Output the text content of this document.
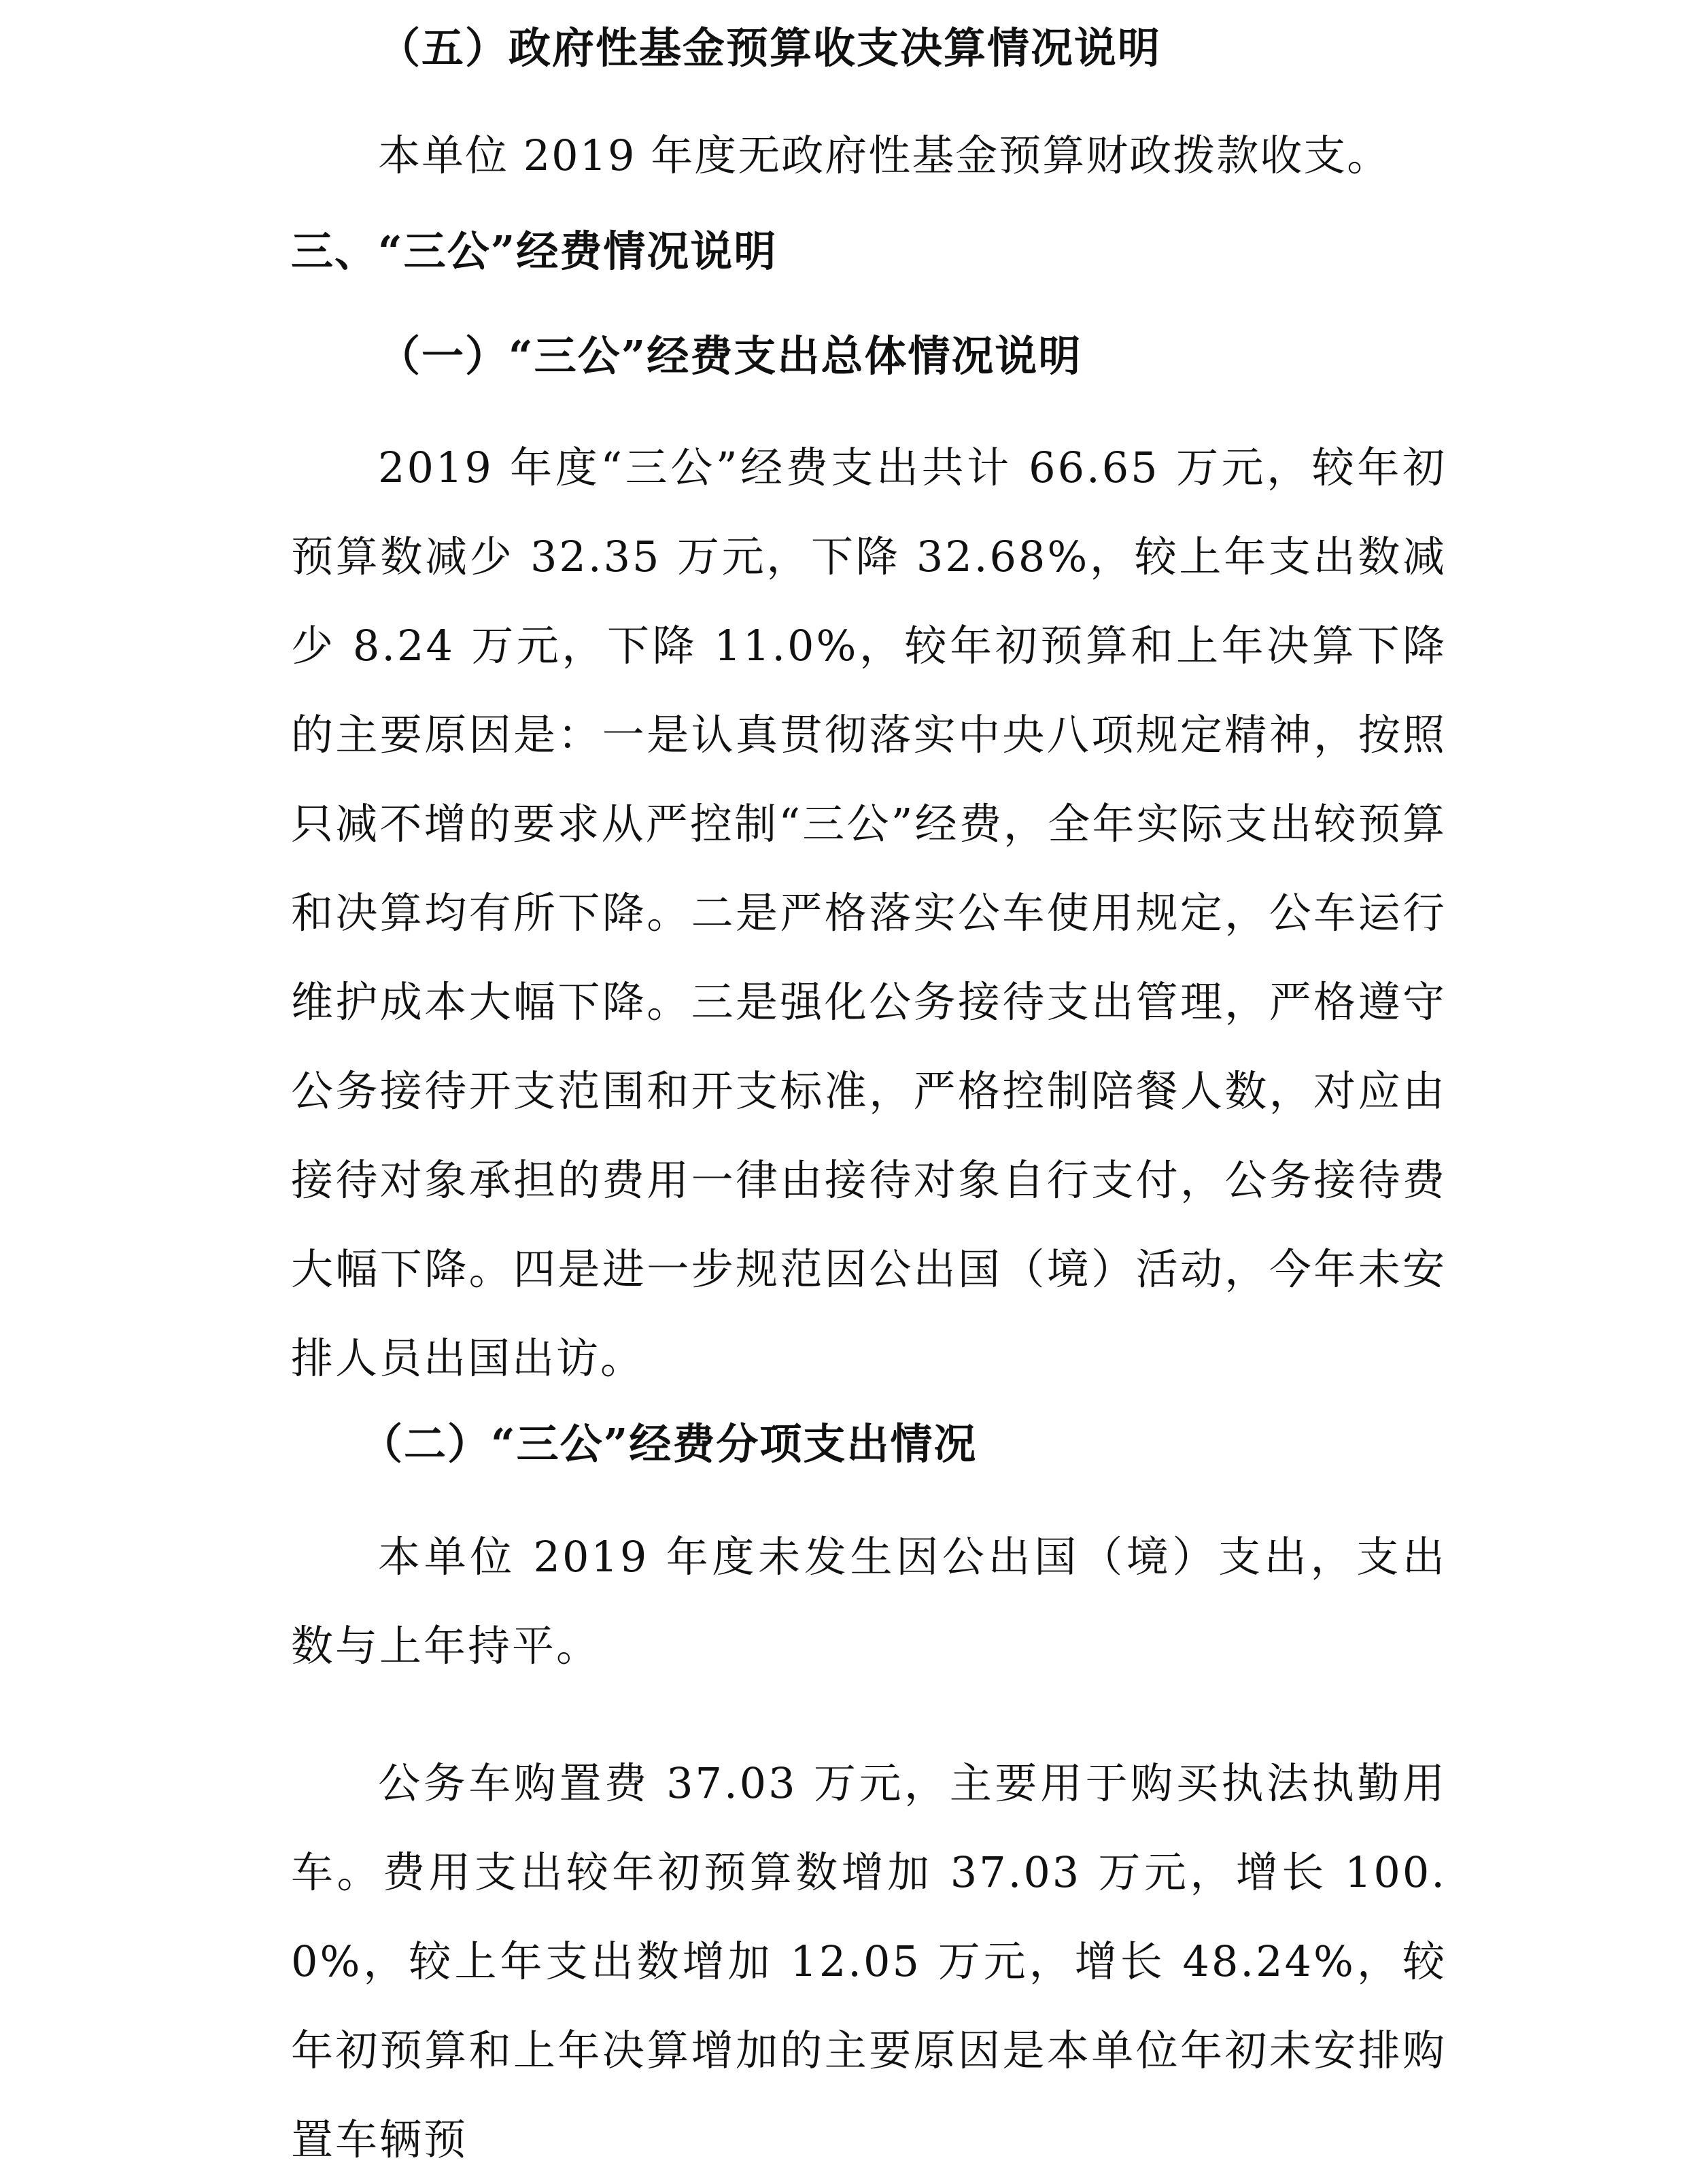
（五）政府性基金预算收支决算情况说明
本单位 2019 年度无政府性基金预算财政拨款收支。
三、“三公”经费情况说明
（一）“三公”经费支出总体情况说明
2019 年度“三公”经费支出共计 66.65 万元，较年初预算数减少 32.35 万元，下降 32.68%，较上年支出数减少 8.24 万元，下降 11.0%，较年初预算和上年决算下降的主要原因是：一是认真贯彻落实中央八项规定精神，按照只减不增的要求从严控制“三公”经费，全年实际支出较预算和决算均有所下降。二是严格落实公车使用规定，公车运行维护成本大幅下降。三是强化公务接待支出管理，严格遵守公务接待开支范围和开支标准，严格控制陪餐人数，对应由接待对象承担的费用一律由接待对象自行支付，公务接待费大幅下降。四是进一步规范因公出国（境）活动，今年未安排人员出国出访。
（二）“三公”经费分项支出情况
本单位 2019 年度未发生因公出国（境）支出，支出数与上年持平。
公务车购置费 37.03 万元，主要用于购买执法执勤用车。费用支出较年初预算数增加 37.03 万元，增长 100.0%，较上年支出数增加 12.05 万元，增长 48.24%，较年初预算和上年决算增加的主要原因是本单位年初未安排购置车辆预
